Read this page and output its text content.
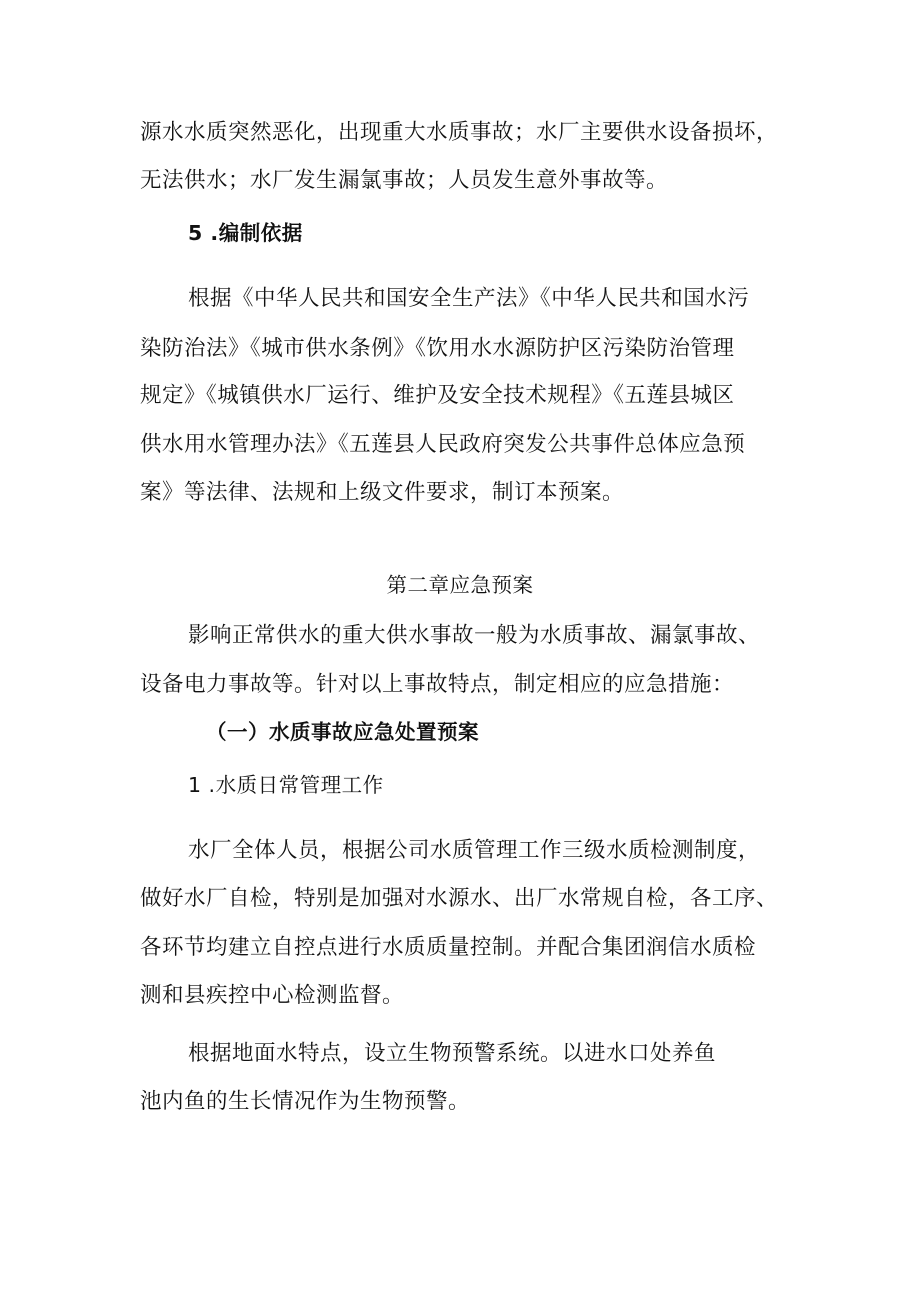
源水水质突然恶化，出现重大水质事故；水厂主要供水设备损坏，
无法供水；水厂发生漏氯事故；人员发生意外事故等。
5 .编制依据
根据《中华人民共和国安全生产法》《中华人民共和国水污
染防治法》《城市供水条例》《饮用水水源防护区污染防治管理
规定》《城镇供水厂运行、维护及安全技术规程》《五莲县城区
供水用水管理办法》《五莲县人民政府突发公共事件总体应急预
案》等法律、法规和上级文件要求，制订本预案。
第二章应急预案
影响正常供水的重大供水事故一般为水质事故、漏氯事故、
设备电力事故等。针对以上事故特点，制定相应的应急措施：
（一）水质事故应急处置预案
1 .水质日常管理工作
水厂全体人员，根据公司水质管理工作三级水质检测制度，
做好水厂自检，特别是加强对水源水、出厂水常规自检，各工序、
各环节均建立自控点进行水质质量控制。并配合集团润信水质检
测和县疾控中心检测监督。
根据地面水特点，设立生物预警系统。以进水口处养鱼
池内鱼的生长情况作为生物预警。
